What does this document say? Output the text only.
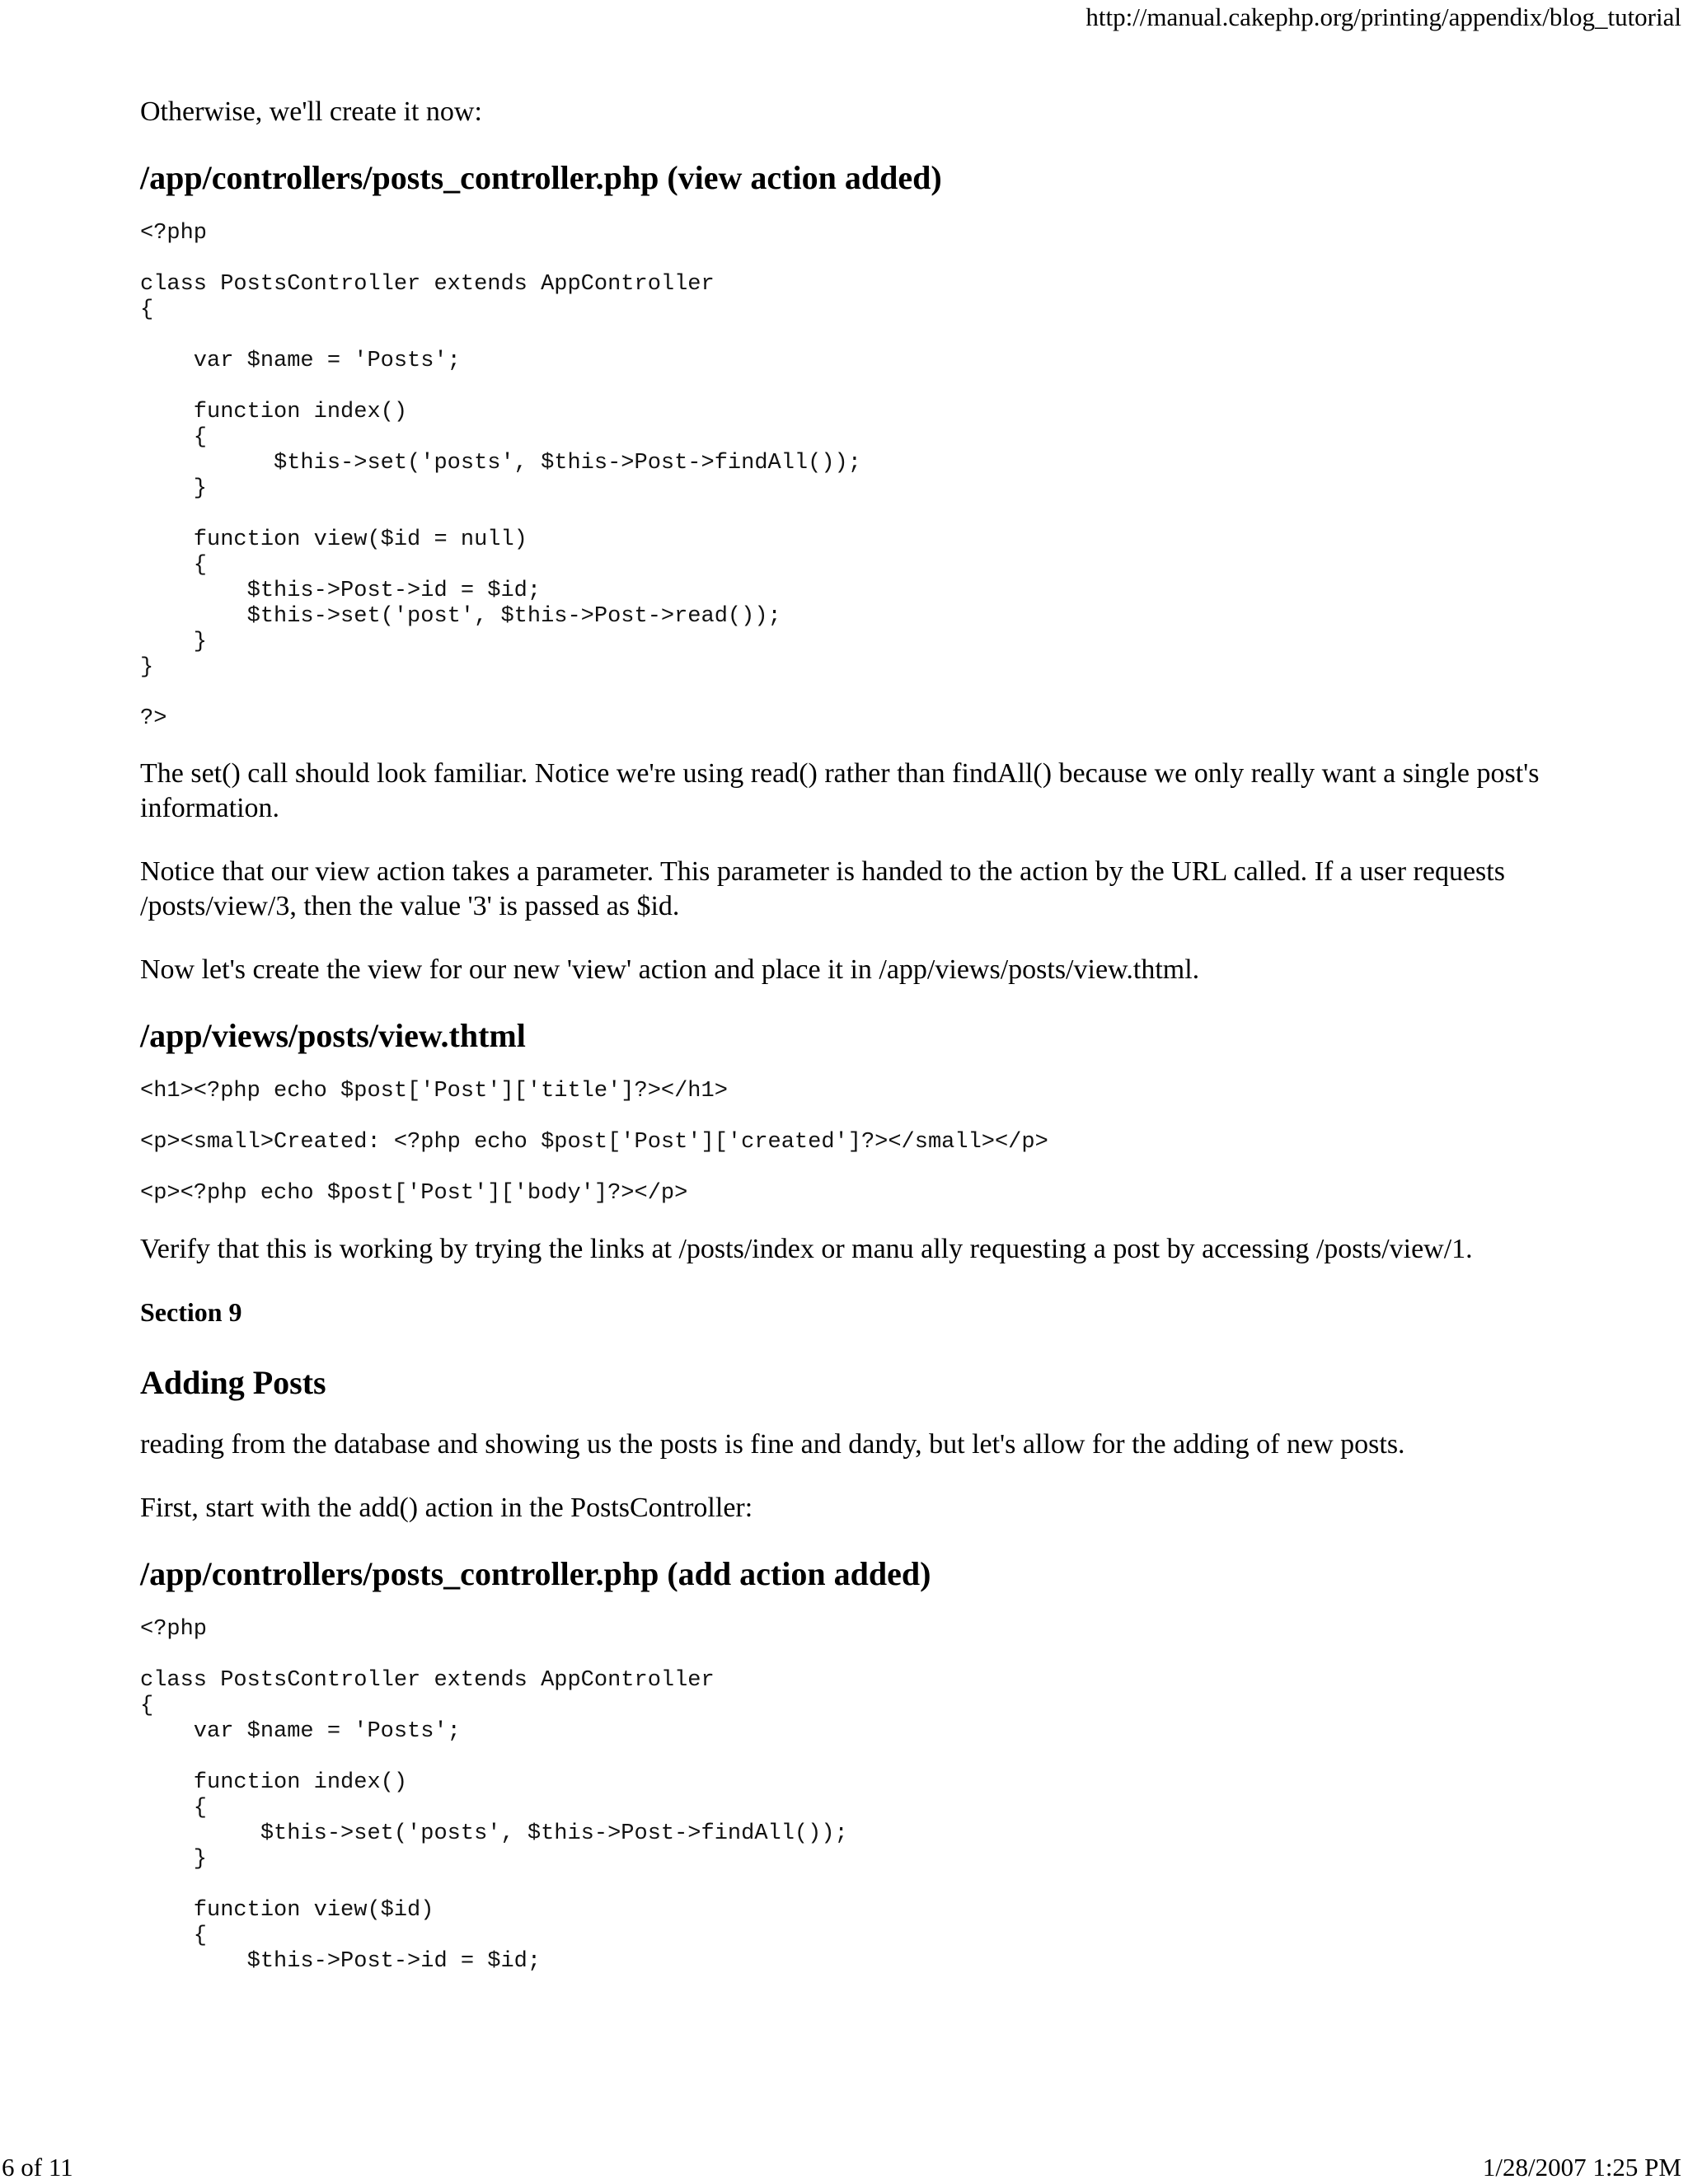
http://manual.cakephp.org/printing/appendix/blog_tutorial

Otherwise, we'll create it now:

/app/controllers/posts_controller.php (view action added)
<?php

class PostsController extends AppController
{

var $name = 'Posts';

function index()
{
$this->set('posts', $this->Post->findAll());
}

function view($id = null)
{
$this->Post->id = $id;
$this->set('post', $this->Post->read());
}
}

?>

The set() call should look familiar. Notice we're using read() rather than findAll() because we only really want a single post's information.

Notice that our view action takes a parameter. This parameter is handed to the action by the URL called. If a user requests /posts/view/3, then the value '3' is passed as $id.

Now let's create the view for our new 'view' action and place it in /app/views/posts/view.thtml.

/app/views/posts/view.thtml
<h1><?php echo $post['Post']['title']?></h1>
<p><small>Created: <?php echo $post['Post']['created']?></small></p>
<p><?php echo $post['Post']['body']?></p>

Verify that this is working by trying the links at /posts/index or manu ally requesting a post by accessing /posts/view/1.

Section 9
Adding Posts

reading from the database and showing us the posts is fine and dandy, but let's allow for the adding of new posts.

First, start with the add() action in the PostsController:

/app/controllers/posts_controller.php (add action added)
<?php

class PostsController extends AppController
{
var $name = 'Posts';

function index()
{
$this->set('posts', $this->Post->findAll());
}

function view($id)
{
$this->Post->id = $id;
6 of 11	1/28/2007 1:25 PM
